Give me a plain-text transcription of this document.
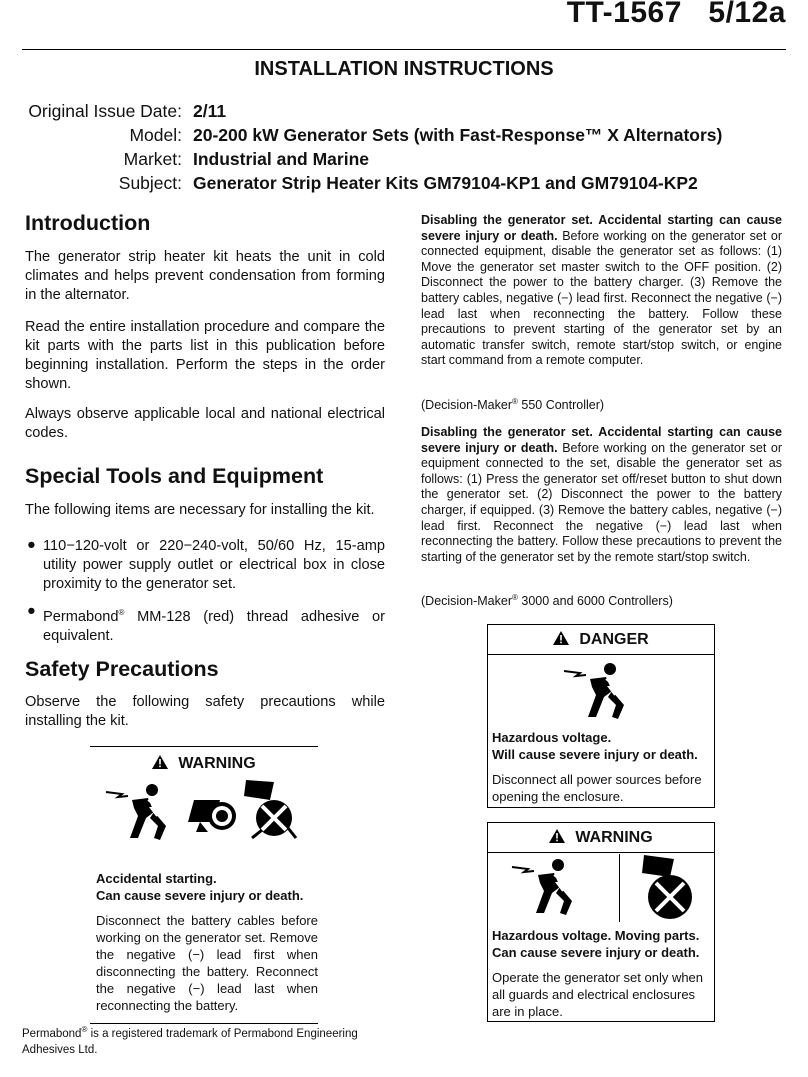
TT-1567   5/12a
INSTALLATION INSTRUCTIONS
Original Issue Date: 2/11
Model: 20-200 kW Generator Sets (with Fast-Response™ X Alternators)
Market: Industrial and Marine
Subject: Generator Strip Heater Kits GM79104-KP1 and GM79104-KP2
Introduction
The generator strip heater kit heats the unit in cold climates and helps prevent condensation from forming in the alternator.
Read the entire installation procedure and compare the kit parts with the parts list in this publication before beginning installation. Perform the steps in the order shown.
Always observe applicable local and national electrical codes.
Special Tools and Equipment
The following items are necessary for installing the kit.
● 110−120-volt or 220−240-volt, 50/60 Hz, 15-amp utility power supply outlet or electrical box in close proximity to the generator set.
● Permabond® MM-128 (red) thread adhesive or equivalent.
Safety Precautions
Observe the following safety precautions while installing the kit.
WARNING
Accidental starting.
Can cause severe injury or death.
Disconnect the battery cables before working on the generator set. Remove the negative (−) lead first when disconnecting the battery. Reconnect the negative (−) lead last when reconnecting the battery.
Permabond® is a registered trademark of Permabond Engineering Adhesives Ltd.
Disabling the generator set. Accidental starting can cause severe injury or death. Before working on the generator set or connected equipment, disable the generator set as follows: (1) Move the generator set master switch to the OFF position. (2) Disconnect the power to the battery charger. (3) Remove the battery cables, negative (−) lead first. Reconnect the negative (−) lead last when reconnecting the battery. Follow these precautions to prevent starting of the generator set by an automatic transfer switch, remote start/stop switch, or engine start command from a remote computer.
(Decision-Maker® 550 Controller)
Disabling the generator set. Accidental starting can cause severe injury or death. Before working on the generator set or equipment connected to the set, disable the generator set as follows: (1) Press the generator set off/reset button to shut down the generator set. (2) Disconnect the power to the battery charger, if equipped. (3) Remove the battery cables, negative (−) lead first. Reconnect the negative (−) lead last when reconnecting the battery. Follow these precautions to prevent the starting of the generator set by the remote start/stop switch.
(Decision-Maker® 3000 and 6000 Controllers)
DANGER
Hazardous voltage.
Will cause severe injury or death.
Disconnect all power sources before opening the enclosure.
WARNING
Hazardous voltage. Moving parts.
Can cause severe injury or death.
Operate the generator set only when all guards and electrical enclosures are in place.
